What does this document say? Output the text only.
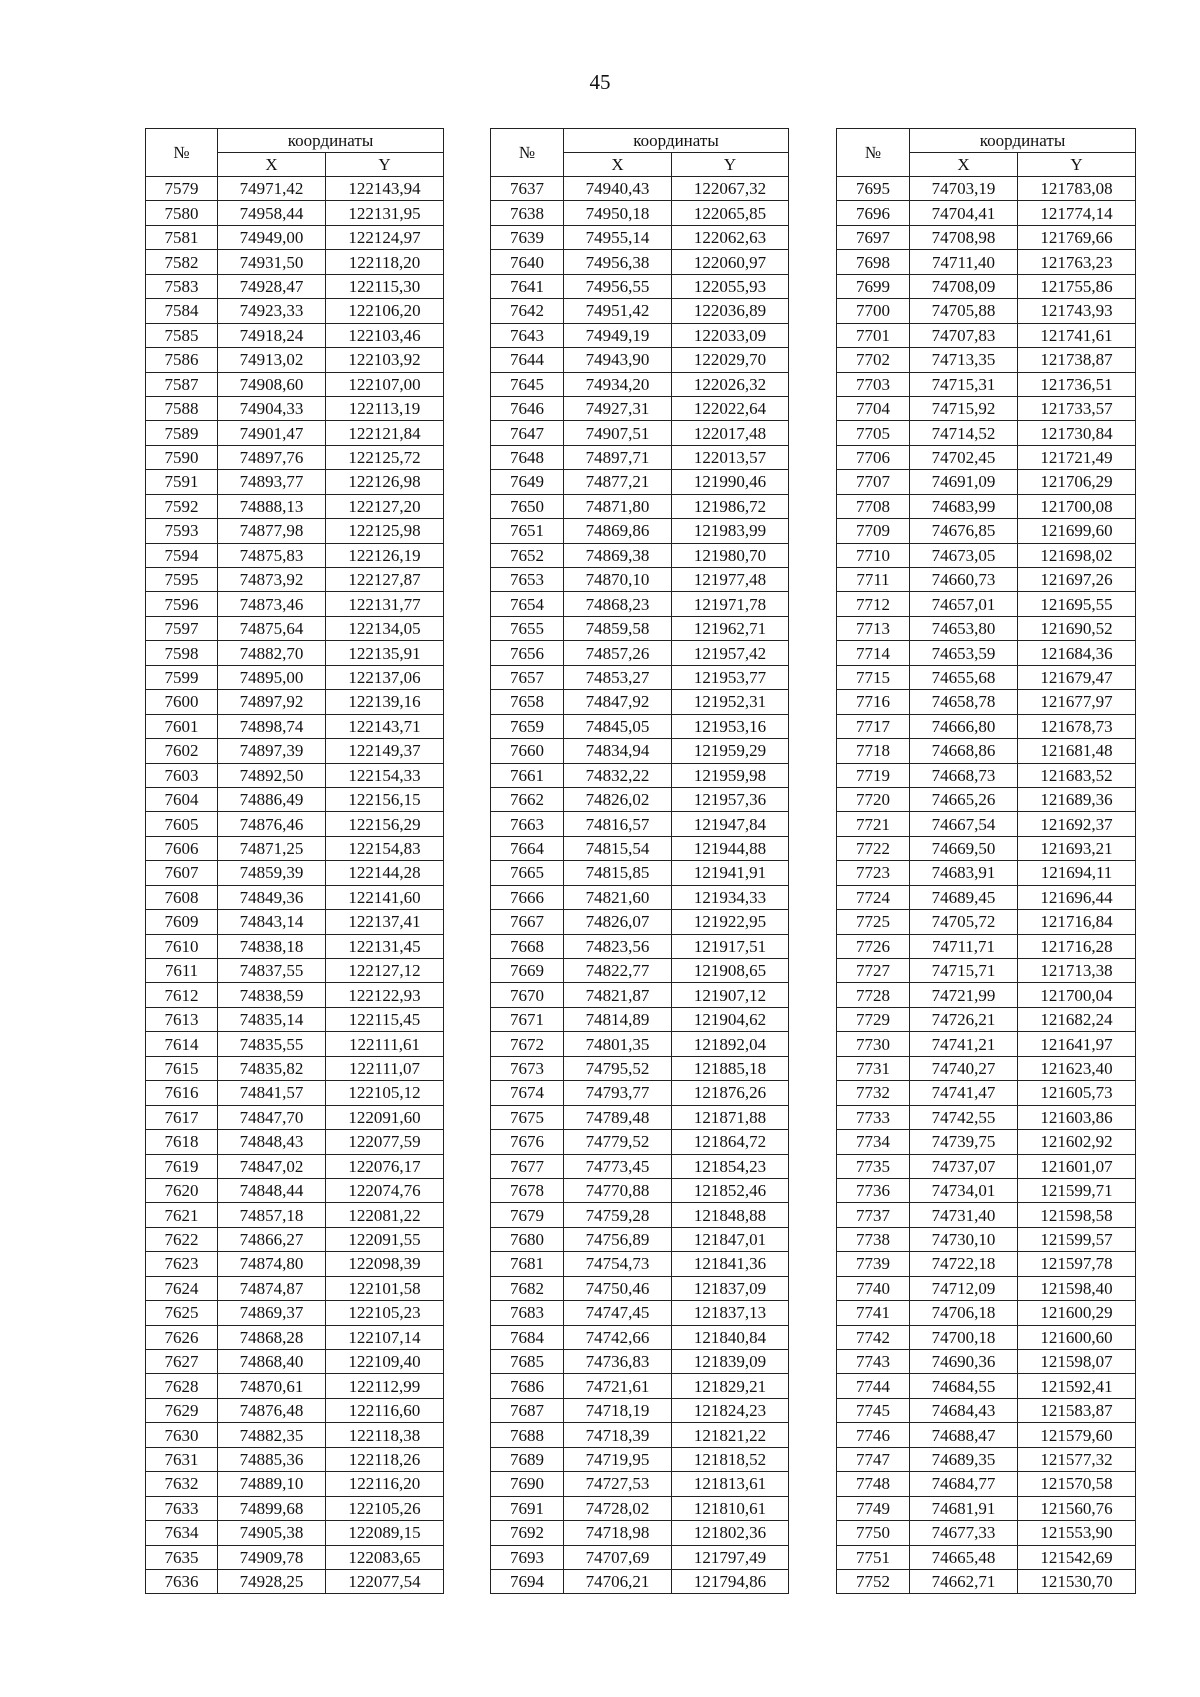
45
№	координаты	
	X	Y
7579	74971,42	122143,94
7580	74958,44	122131,95
7581	74949,00	122124,97
7582	74931,50	122118,20
7583	74928,47	122115,30
7584	74923,33	122106,20
7585	74918,24	122103,46
7586	74913,02	122103,92
7587	74908,60	122107,00
7588	74904,33	122113,19
7589	74901,47	122121,84
7590	74897,76	122125,72
7591	74893,77	122126,98
7592	74888,13	122127,20
7593	74877,98	122125,98
7594	74875,83	122126,19
7595	74873,92	122127,87
7596	74873,46	122131,77
7597	74875,64	122134,05
7598	74882,70	122135,91
7599	74895,00	122137,06
7600	74897,92	122139,16
7601	74898,74	122143,71
7602	74897,39	122149,37
7603	74892,50	122154,33
7604	74886,49	122156,15
7605	74876,46	122156,29
7606	74871,25	122154,83
7607	74859,39	122144,28
7608	74849,36	122141,60
7609	74843,14	122137,41
7610	74838,18	122131,45
7611	74837,55	122127,12
7612	74838,59	122122,93
7613	74835,14	122115,45
7614	74835,55	122111,61
7615	74835,82	122111,07
7616	74841,57	122105,12
7617	74847,70	122091,60
7618	74848,43	122077,59
7619	74847,02	122076,17
7620	74848,44	122074,76
7621	74857,18	122081,22
7622	74866,27	122091,55
7623	74874,80	122098,39
7624	74874,87	122101,58
7625	74869,37	122105,23
7626	74868,28	122107,14
7627	74868,40	122109,40
7628	74870,61	122112,99
7629	74876,48	122116,60
7630	74882,35	122118,38
7631	74885,36	122118,26
7632	74889,10	122116,20
7633	74899,68	122105,26
7634	74905,38	122089,15
7635	74909,78	122083,65
7636	74928,25	122077,54
№	координаты	
	X	Y
7637	74940,43	122067,32
7638	74950,18	122065,85
7639	74955,14	122062,63
7640	74956,38	122060,97
7641	74956,55	122055,93
7642	74951,42	122036,89
7643	74949,19	122033,09
7644	74943,90	122029,70
7645	74934,20	122026,32
7646	74927,31	122022,64
7647	74907,51	122017,48
7648	74897,71	122013,57
7649	74877,21	121990,46
7650	74871,80	121986,72
7651	74869,86	121983,99
7652	74869,38	121980,70
7653	74870,10	121977,48
7654	74868,23	121971,78
7655	74859,58	121962,71
7656	74857,26	121957,42
7657	74853,27	121953,77
7658	74847,92	121952,31
7659	74845,05	121953,16
7660	74834,94	121959,29
7661	74832,22	121959,98
7662	74826,02	121957,36
7663	74816,57	121947,84
7664	74815,54	121944,88
7665	74815,85	121941,91
7666	74821,60	121934,33
7667	74826,07	121922,95
7668	74823,56	121917,51
7669	74822,77	121908,65
7670	74821,87	121907,12
7671	74814,89	121904,62
7672	74801,35	121892,04
7673	74795,52	121885,18
7674	74793,77	121876,26
7675	74789,48	121871,88
7676	74779,52	121864,72
7677	74773,45	121854,23
7678	74770,88	121852,46
7679	74759,28	121848,88
7680	74756,89	121847,01
7681	74754,73	121841,36
7682	74750,46	121837,09
7683	74747,45	121837,13
7684	74742,66	121840,84
7685	74736,83	121839,09
7686	74721,61	121829,21
7687	74718,19	121824,23
7688	74718,39	121821,22
7689	74719,95	121818,52
7690	74727,53	121813,61
7691	74728,02	121810,61
7692	74718,98	121802,36
7693	74707,69	121797,49
7694	74706,21	121794,86
№	координаты	
	X	Y
7695	74703,19	121783,08
7696	74704,41	121774,14
7697	74708,98	121769,66
7698	74711,40	121763,23
7699	74708,09	121755,86
7700	74705,88	121743,93
7701	74707,83	121741,61
7702	74713,35	121738,87
7703	74715,31	121736,51
7704	74715,92	121733,57
7705	74714,52	121730,84
7706	74702,45	121721,49
7707	74691,09	121706,29
7708	74683,99	121700,08
7709	74676,85	121699,60
7710	74673,05	121698,02
7711	74660,73	121697,26
7712	74657,01	121695,55
7713	74653,80	121690,52
7714	74653,59	121684,36
7715	74655,68	121679,47
7716	74658,78	121677,97
7717	74666,80	121678,73
7718	74668,86	121681,48
7719	74668,73	121683,52
7720	74665,26	121689,36
7721	74667,54	121692,37
7722	74669,50	121693,21
7723	74683,91	121694,11
7724	74689,45	121696,44
7725	74705,72	121716,84
7726	74711,71	121716,28
7727	74715,71	121713,38
7728	74721,99	121700,04
7729	74726,21	121682,24
7730	74741,21	121641,97
7731	74740,27	121623,40
7732	74741,47	121605,73
7733	74742,55	121603,86
7734	74739,75	121602,92
7735	74737,07	121601,07
7736	74734,01	121599,71
7737	74731,40	121598,58
7738	74730,10	121599,57
7739	74722,18	121597,78
7740	74712,09	121598,40
7741	74706,18	121600,29
7742	74700,18	121600,60
7743	74690,36	121598,07
7744	74684,55	121592,41
7745	74684,43	121583,87
7746	74688,47	121579,60
7747	74689,35	121577,32
7748	74684,77	121570,58
7749	74681,91	121560,76
7750	74677,33	121553,90
7751	74665,48	121542,69
7752	74662,71	121530,70
